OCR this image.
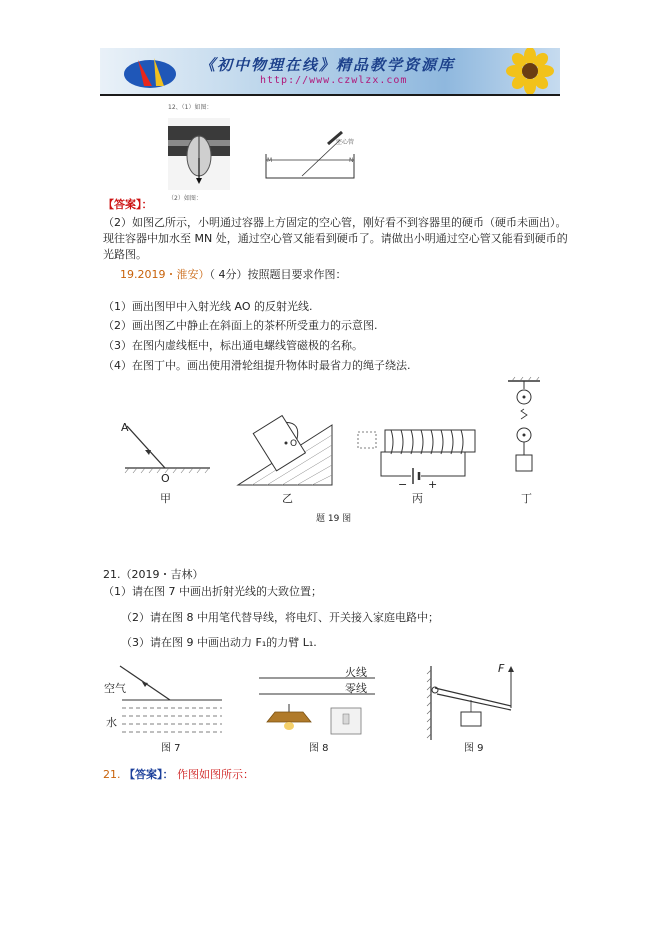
《初中物理在线》精品教学资源库
http://www.czwlzx.com
12、（1）如图：
（2）如图：
M	N
空心管
【答案】：
（2）如图乙所示，小明通过容器上方固定的空心管，刚好看不到容器里的硬币（硬币未画出）。现往容器中加水至 MN 处，通过空心管又能看到硬币了。请做出小明通过空心管又能看到硬币的光路图。
19.2019・淮安）（ 4分）按照题目要求作图：
（1）画出图甲中入射光线 AO 的反射光线.
（2）画出图乙中静止在斜面上的茶杯所受重力的示意图.
（3）在图内虚线框中，标出通电螺线管磁极的名称。
（4）在图丁中。画出使用滑轮组提升物体时最省力的绳子绕法.
A
O
O
− +
甲	乙	丙	丁
题 19 图
21.（2019・吉林）
（1）请在图 7 中画出折射光线的大致位置；
（2）请在图 8 中用笔代替导线，将电灯、开关接入家庭电路中；
（3）请在图 9 中画出动力 F₁的力臂 L₁.
空气
水
火线
零线
F
图 7	图 8	图 9
21. 【答案】： 作图如图所示：
